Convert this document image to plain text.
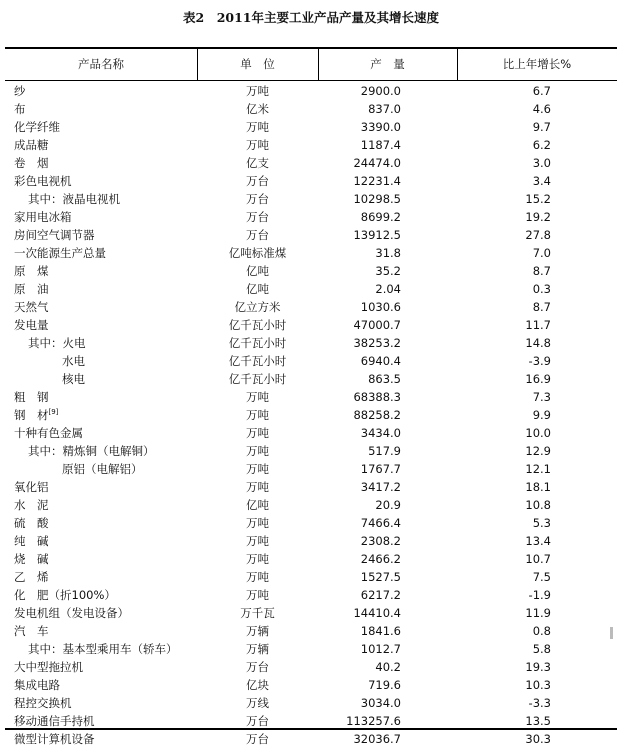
表2　2011年主要工业产品产量及其增长速度
产品名称	单　位	产　量	比上年增长%
纱	万吨	2900.0	6.7
布	亿米	837.0	4.6
化学纤维	万吨	3390.0	9.7
成品糖	万吨	1187.4	6.2
卷　烟	亿支	24474.0	3.0
彩色电视机	万台	12231.4	3.4
其中：液晶电视机	万台	10298.5	15.2
家用电冰箱	万台	8699.2	19.2
房间空气调节器	万台	13912.5	27.8
一次能源生产总量	亿吨标准煤	31.8	7.0
原　煤	亿吨	35.2	8.7
原　油	亿吨	2.04	0.3
天然气	亿立方米	1030.6	8.7
发电量	亿千瓦小时	47000.7	11.7
其中：火电	亿千瓦小时	38253.2	14.8
水电	亿千瓦小时	6940.4	-3.9
核电	亿千瓦小时	863.5	16.9
粗　钢	万吨	68388.3	7.3
钢　材[9]	万吨	88258.2	9.9
十种有色金属	万吨	3434.0	10.0
其中：精炼铜（电解铜）	万吨	517.9	12.9
原铝（电解铝）	万吨	1767.7	12.1
氧化铝	万吨	3417.2	18.1
水　泥	亿吨	20.9	10.8
硫　酸	万吨	7466.4	5.3
纯　碱	万吨	2308.2	13.4
烧　碱	万吨	2466.2	10.7
乙　烯	万吨	1527.5	7.5
化　肥（折100%）	万吨	6217.2	-1.9
发电机组（发电设备）	万千瓦	14410.4	11.9
汽　车	万辆	1841.6	0.8
其中：基本型乘用车（轿车）	万辆	1012.7	5.8
大中型拖拉机	万台	40.2	19.3
集成电路	亿块	719.6	10.3
程控交换机	万线	3034.0	-3.3
移动通信手持机	万台	113257.6	13.5
微型计算机设备	万台	32036.7	30.3
